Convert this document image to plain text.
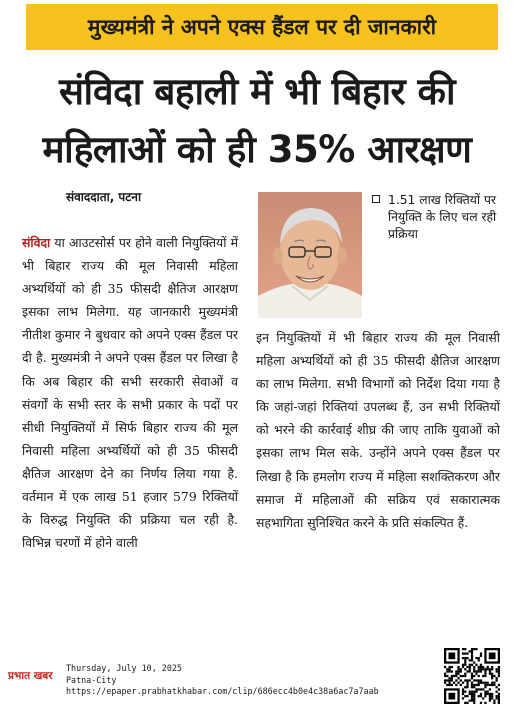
मुख्यमंत्री ने अपने एक्स हैंडल पर दी जानकारी
संविदा बहाली में भी बिहार की
महिलाओं को ही 35% आरक्षण
संवाददाता, पटना
संविदा या आउटसोर्स पर होने वाली नियुक्तियों में भी बिहार राज्य की मूल निवासी महिला अभ्यर्थियों को ही 35 फीसदी क्षैतिज आरक्षण इसका लाभ मिलेगा. यह जानकारी मुख्यमंत्री नीतीश कुमार ने बुधवार को अपने एक्स हैंडल पर दी है. मुख्यमंत्री ने अपने एक्स हैंडल पर लिखा है कि अब बिहार की सभी सरकारी सेवाओं व संवर्गों के सभी स्तर के सभी प्रकार के पदों पर सीधी नियुक्तियों में सिर्फ बिहार राज्य की मूल निवासी महिला अभ्यर्थियों को ही 35 फीसदी क्षैतिज आरक्षण देने का निर्णय लिया गया है. वर्तमान में एक लाख 51 हजार 579 रिक्तियों के विरुद्ध नियुक्ति की प्रक्रिया चल रही है. विभिन्न चरणों में होने वाली
1.51 लाख रिक्तियों पर नियुक्ति के लिए चल रही प्रक्रिया
इन नियुक्तियों में भी बिहार राज्य की मूल निवासी महिला अभ्यर्थियों को ही 35 फीसदी क्षैतिज आरक्षण का लाभ मिलेगा. सभी विभागों को निर्देश दिया गया है कि जहां-जहां रिक्तियां उपलब्ध हैं, उन सभी रिक्तियों को भरने की कार्रवाई शीघ्र की जाए ताकि युवाओं को इसका लाभ मिल सके. उन्होंने अपने एक्स हैंडल पर लिखा है कि हमलोग राज्य में महिला सशक्तिकरण और समाज में महिलाओं की सक्रिय एवं सकारात्मक सहभागिता सुनिश्चित करने के प्रति संकल्पित हैं.
प्रभात खबर
Thursday, July 10, 2025
Patna-City
https://epaper.prabhatkhabar.com/clip/686ecc4b0e4c38a6ac7a7aab
